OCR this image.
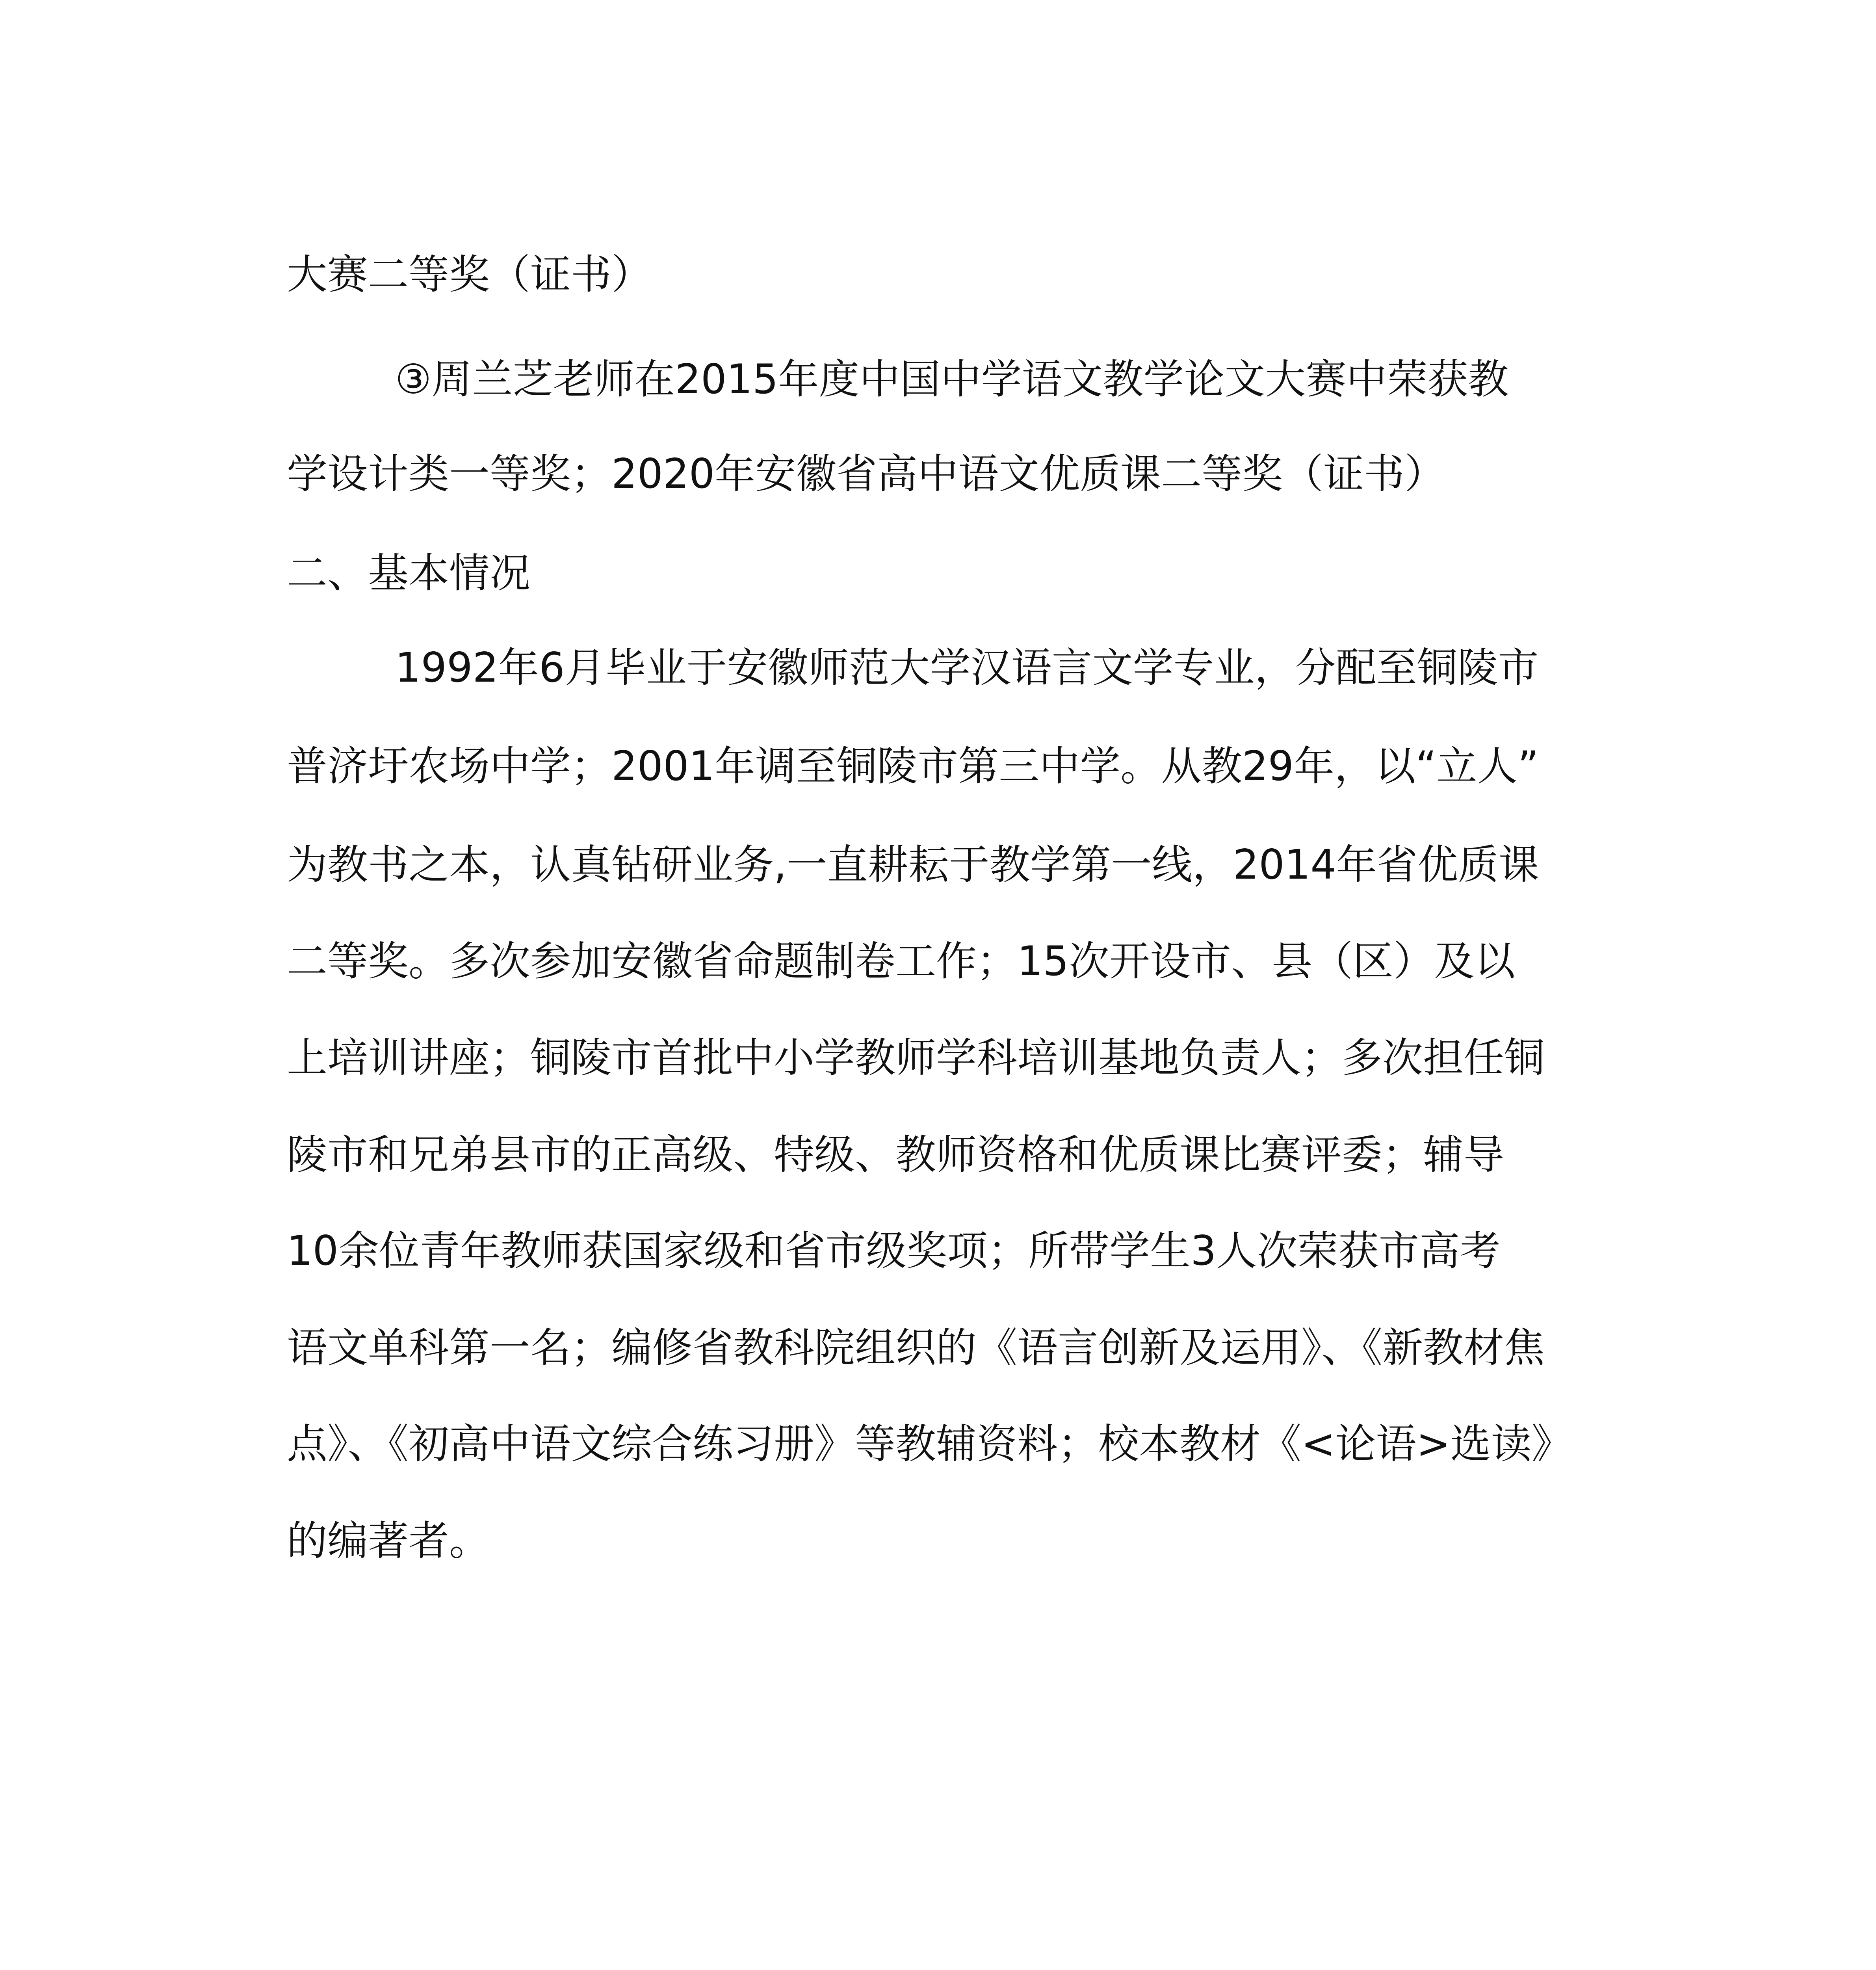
大赛二等奖（证书）

③周兰芝老师在2015年度中国中学语文教学论文大赛中荣获教

学设计类一等奖；2020年安徽省高中语文优质课二等奖（证书）

二、基本情况

1992年6月毕业于安徽师范大学汉语言文学专业，分配至铜陵市

普济圩农场中学；2001年调至铜陵市第三中学。从教29年，以“立人”

为教书之本，认真钻研业务,一直耕耘于教学第一线，2014年省优质课

二等奖。多次参加安徽省命题制卷工作；15次开设市、县（区）及以

上培训讲座；铜陵市首批中小学教师学科培训基地负责人；多次担任铜

陵市和兄弟县市的正高级、特级、教师资格和优质课比赛评委；辅导

10余位青年教师获国家级和省市级奖项；所带学生3人次荣获市高考

语文单科第一名；编修省教科院组织的《语言创新及运用》、《新教材焦

点》、《初高中语文综合练习册》等教辅资料；校本教材《<论语>选读》

的编著者。
